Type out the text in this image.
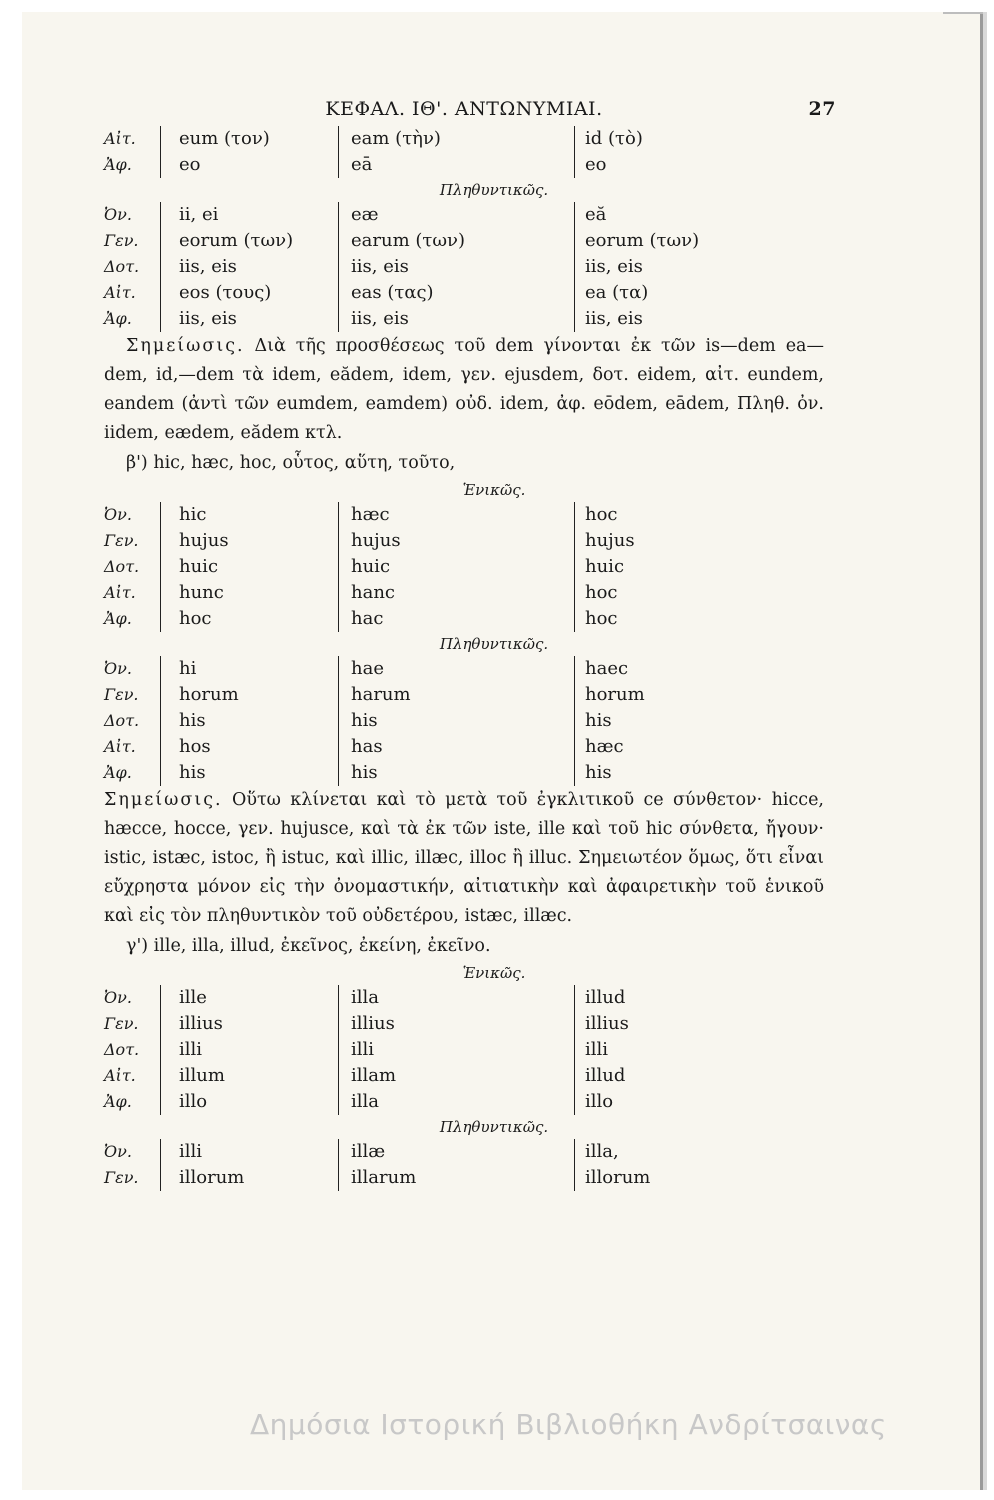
ΚΕΦΑΛ. ΙΘ'. ΑΝΤΩΝΥΜΙΑΙ.	27
Αἰτ.	eum (τον)	eam (τὴν)	id (τὸ)
Ἀφ.	eo	eā	eo
Πληθυντικῶς.
Ὀν.	ii, ei	eæ	eă
Γεν.	eorum (των)	earum (των)	eorum (των)
Δοτ.	iis, eis	iis, eis	iis, eis
Αἰτ.	eos (τους)	eas (τας)	ea (τα)
Ἀφ.	iis, eis	iis, eis	iis, eis

Σημείωσις. Διὰ τῆς προσθέσεως τοῦ dem γίνονται ἐκ τῶν is—dem ea—dem, id,—dem τὰ idem, eădem, idem, γεν. ejusdem, δοτ. eidem, αἰτ. eundem, eandem (ἀντὶ τῶν eumdem, eamdem) οὐδ. idem, ἀφ. eōdem, eādem, Πληθ. ὀν. iidem, eædem, eădem κτλ.

β') hic, hæc, hoc, οὗτος, αὕτη, τοῦτο,

Ἑνικῶς.
Ὀν.	hic	hæc	hoc
Γεν.	hujus	hujus	hujus
Δοτ.	huic	huic	huic
Αἰτ.	hunc	hanc	hoc
Ἀφ.	hoc	hac	hoc
Πληθυντικῶς.
Ὀν.	hi	hae	haec
Γεν.	horum	harum	horum
Δοτ.	his	his	his
Αἰτ.	hos	has	hæc
Ἀφ.	his	his	his

Σημείωσις. Οὕτω κλίνεται καὶ τὸ μετὰ τοῦ ἐγκλιτικοῦ ce σύνθετον· hicce, hæcce, hocce, γεν. hujusce, καὶ τὰ ἐκ τῶν iste, ille καὶ τοῦ hic σύνθετα, ἤγουν· istic, istæc, istoc, ἢ istuc, καὶ illic, illæc, illoc ἢ illuc. Σημειωτέον ὅμως, ὅτι εἶναι εὔχρηστα μόνον εἰς τὴν ὀνομαστικήν, αἰτιατικὴν καὶ ἀφαιρετικὴν τοῦ ἑνικοῦ καὶ εἰς τὸν πληθυντικὸν τοῦ οὐδετέρου, istæc, illæc.

γ') ille, illa, illud, ἐκεῖνος, ἐκείνη, ἐκεῖνο.

Ἑνικῶς.
Ὀν.	ille	illa	illud
Γεν.	illius	illius	illius
Δοτ.	illi	illi	illi
Αἰτ.	illum	illam	illud
Ἀφ.	illo	illa	illo
Πληθυντικῶς.
Ὀν.	illi	illæ	illa,
Γεν.	illorum	illarum	illorum
Δημόσια Ιστορική Βιβλιοθήκη Ανδρίτσαινας
